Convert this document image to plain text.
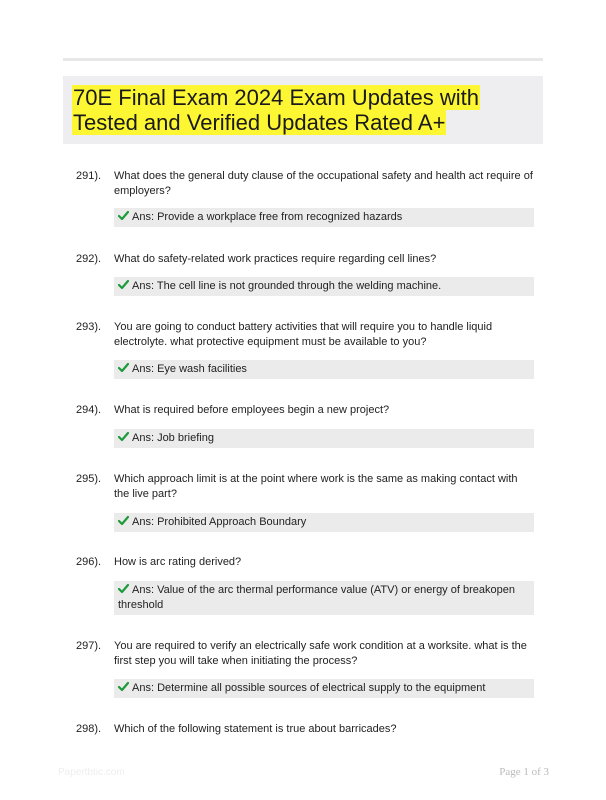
70E Final Exam 2024 Exam Updates with Tested and Verified Updates Rated A+
291). What does the general duty clause of the occupational safety and health act require of employers?
Ans: Provide a workplace free from recognized hazards
292). What do safety-related work practices require regarding cell lines?
Ans: The cell line is not grounded through the welding machine.
293). You are going to conduct battery activities that will require you to handle liquid electrolyte. what protective equipment must be available to you?
Ans: Eye wash facilities
294). What is required before employees begin a new project?
Ans: Job briefing
295). Which approach limit is at the point where work is the same as making contact with the live part?
Ans: Prohibited Approach Boundary
296). How is arc rating derived?
Ans: Value of the arc thermal performance value (ATV) or energy of breakopen threshold
297). You are required to verify an electrically safe work condition at a worksite. what is the first step you will take when initiating the process?
Ans: Determine all possible sources of electrical supply to the equipment
298). Which of the following statement is true about barricades?
Papertbtic.com	Page 1 of 3
